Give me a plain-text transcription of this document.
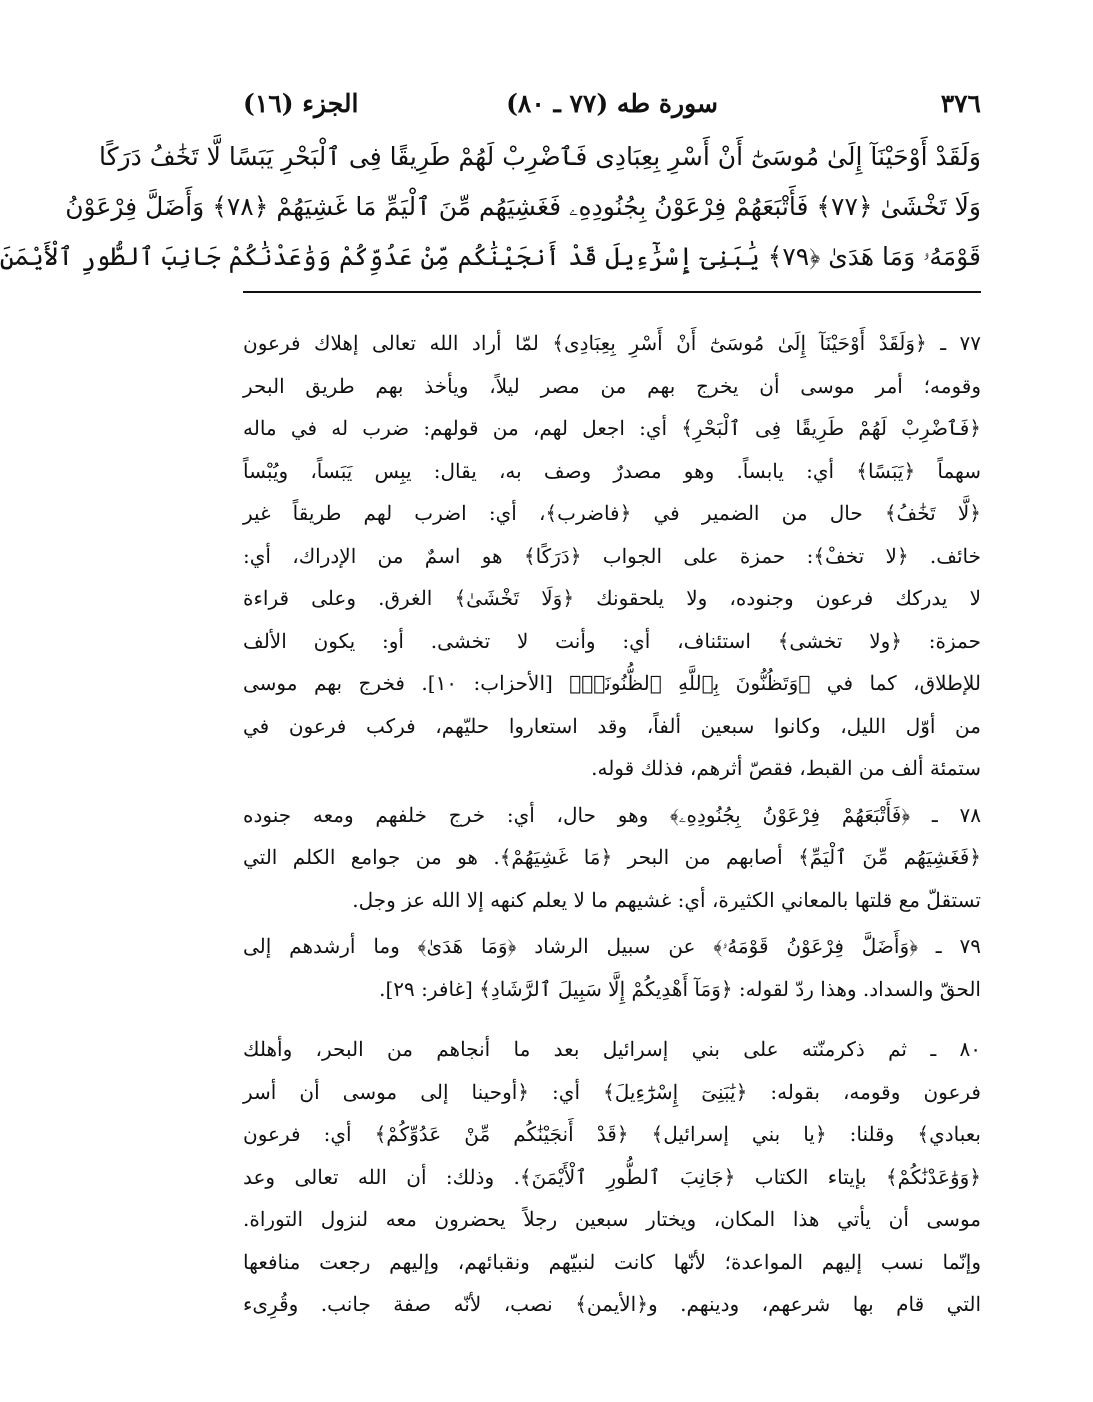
٣٧٦
سورة طه (٧٧ ـ ٨٠)
الجزء (١٦)
وَلَقَدْ أَوْحَيْنَآ إِلَىٰ مُوسَىٰٓ أَنْ أَسْرِ بِعِبَادِى فَٱضْرِبْ لَهُمْ طَرِيقًا فِى ٱلْبَحْرِ يَبَسًا لَّا تَخَٰفُ دَرَكًا
وَلَا تَخْشَىٰ ﴿٧٧﴾ فَأَتْبَعَهُمْ فِرْعَوْنُ بِجُنُودِهِۦ فَغَشِيَهُم مِّنَ ٱلْيَمِّ مَا غَشِيَهُمْ ﴿٧٨﴾ وَأَضَلَّ فِرْعَوْنُ
قَوْمَهُۥ وَمَا هَدَىٰ ﴿٧٩﴾ يَٰبَنِىٓ إِسْرَٰٓءِيلَ قَدْ أَنجَيْنَٰكُم مِّنْ عَدُوِّكُمْ وَوَٰعَدْنَٰكُمْ جَانِبَ ٱلطُّورِ ٱلْأَيْمَنَ
٧٧ ـ ﴿وَلَقَدْ أَوْحَيْنَآ إِلَىٰ مُوسَىٰٓ أَنْ أَسْرِ بِعِبَادِى﴾ لمّا أراد الله تعالى إهلاك فرعون
وقومه؛ أمر موسى أن يخرج بهم من مصر ليلاً، ويأخذ بهم طريق البحر
﴿فَٱضْرِبْ لَهُمْ طَرِيقًا فِى ٱلْبَحْرِ﴾ أي: اجعل لهم، من قولهم: ضرب له في ماله
سهماً ﴿يَبَسًا﴾ أي: يابساً. وهو مصدرٌ وصف به، يقال: يبِس يَبَساً، ويُبْساً
﴿لَّا تَخَٰفُ﴾ حال من الضمير في ﴿فاضرب﴾، أي: اضرب لهم طريقاً غير
خائف. ﴿لا تخفْ﴾: حمزة على الجواب ﴿دَرَكًا﴾ هو اسمٌ من الإدراك، أي:
لا يدركك فرعون وجنوده، ولا يلحقونك ﴿وَلَا تَخْشَىٰ﴾ الغرق. وعلى قراءة
حمزة: ﴿ولا تخشى﴾ استئناف، أي: وأنت لا تخشى. أو: يكون الألف
للإطلاق، كما في ﴿وَتَظُنُّونَ بِٱللَّهِ ٱلظُّنُونَا۠﴾ [الأحزاب: ١٠]. فخرج بهم موسى
من أوّل الليل، وكانوا سبعين ألفاً، وقد استعاروا حليّهم، فركب فرعون في
ستمئة ألف من القبط، فقصّ أثرهم، فذلك قوله.
٧٨ ـ ﴿فَأَتْبَعَهُمْ فِرْعَوْنُ بِجُنُودِهِۦ﴾ وهو حال، أي: خرج خلفهم ومعه جنوده
﴿فَغَشِيَهُم مِّنَ ٱلْيَمِّ﴾ أصابهم من البحر ﴿مَا غَشِيَهُمْ﴾. هو من جوامع الكلم التي
تستقلّ مع قلتها بالمعاني الكثيرة، أي: غشيهم ما لا يعلم كنهه إلا الله عز وجل.
٧٩ ـ ﴿وَأَضَلَّ فِرْعَوْنُ قَوْمَهُۥ﴾ عن سبيل الرشاد ﴿وَمَا هَدَىٰ﴾ وما أرشدهم إلى
الحقّ والسداد. وهذا ردّ لقوله: ﴿وَمَآ أَهْدِيكُمْ إِلَّا سَبِيلَ ٱلرَّشَادِ﴾ [غافر: ٢٩].
٨٠ ـ ثم ذكرمنّته على بني إسرائيل بعد ما أنجاهم من البحر، وأهلك
فرعون وقومه، بقوله: ﴿يَٰبَنِىٓ إِسْرَٰٓءِيلَ﴾ أي: ﴿أوحينا إلى موسى أن أسر
بعبادي﴾ وقلنا: ﴿يا بني إسرائيل﴾ ﴿قَدْ أَنجَيْنَٰكُم مِّنْ عَدُوِّكُمْ﴾ أي: فرعون
﴿وَوَٰعَدْنَٰكُمْ﴾ بإيتاء الكتاب ﴿جَانِبَ ٱلطُّورِ ٱلْأَيْمَنَ﴾. وذلك: أن الله تعالى وعد
موسى أن يأتي هذا المكان، ويختار سبعين رجلاً يحضرون معه لنزول التوراة.
وإنّما نسب إليهم المواعدة؛ لأنّها كانت لنبيّهم ونقبائهم، وإليهم رجعت منافعها
التي قام بها شرعهم، ودينهم. و﴿الأيمن﴾ نصب، لأنّه صفة جانب. وقُرِىء
